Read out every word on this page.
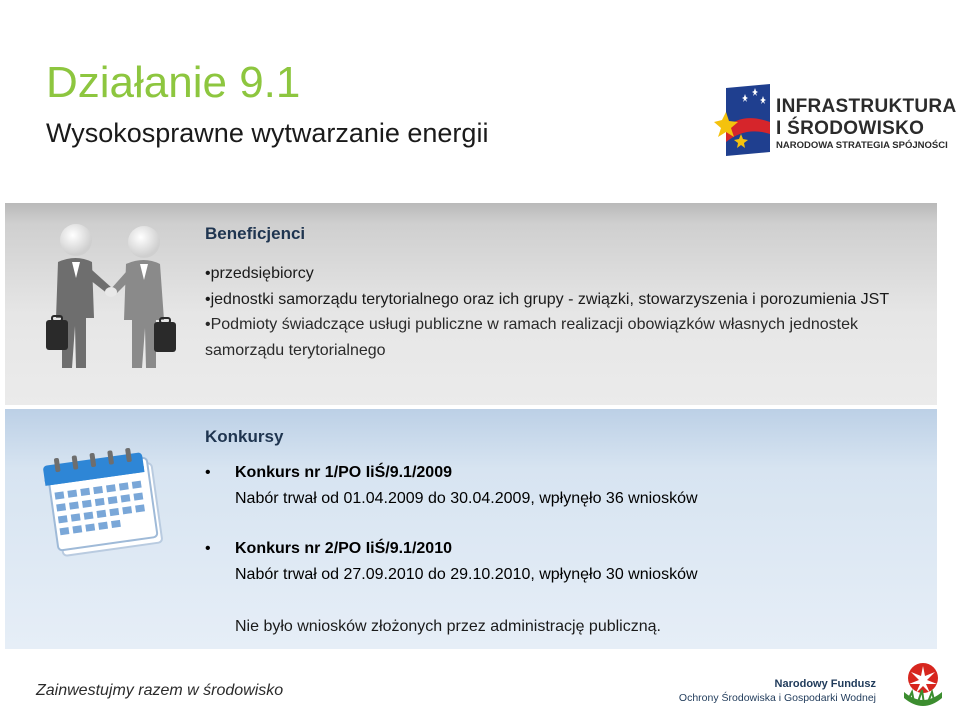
Działanie 9.1
Wysokosprawne wytwarzanie energii
INFRASTRUKTURA
I ŚRODOWISKO
NARODOWA STRATEGIA SPÓJNOŚCI
Beneficjenci
•przedsiębiorcy
•jednostki samorządu terytorialnego oraz ich grupy - związki, stowarzyszenia i porozumienia JST
•Podmioty świadczące usługi publiczne w ramach realizacji obowiązków własnych jednostek samorządu terytorialnego
Konkursy
• Konkurs nr 1/PO IiŚ/9.1/2009
Nabór trwał od 01.04.2009 do 30.04.2009, wpłynęło 36 wniosków
• Konkurs nr 2/PO IiŚ/9.1/2010
Nabór trwał od 27.09.2010 do 29.10.2010, wpłynęło 30 wniosków
Nie było wniosków złożonych przez administrację publiczną.
Zainwestujmy razem w środowisko	Narodowy Fundusz
Ochrony Środowiska i Gospodarki Wodnej
